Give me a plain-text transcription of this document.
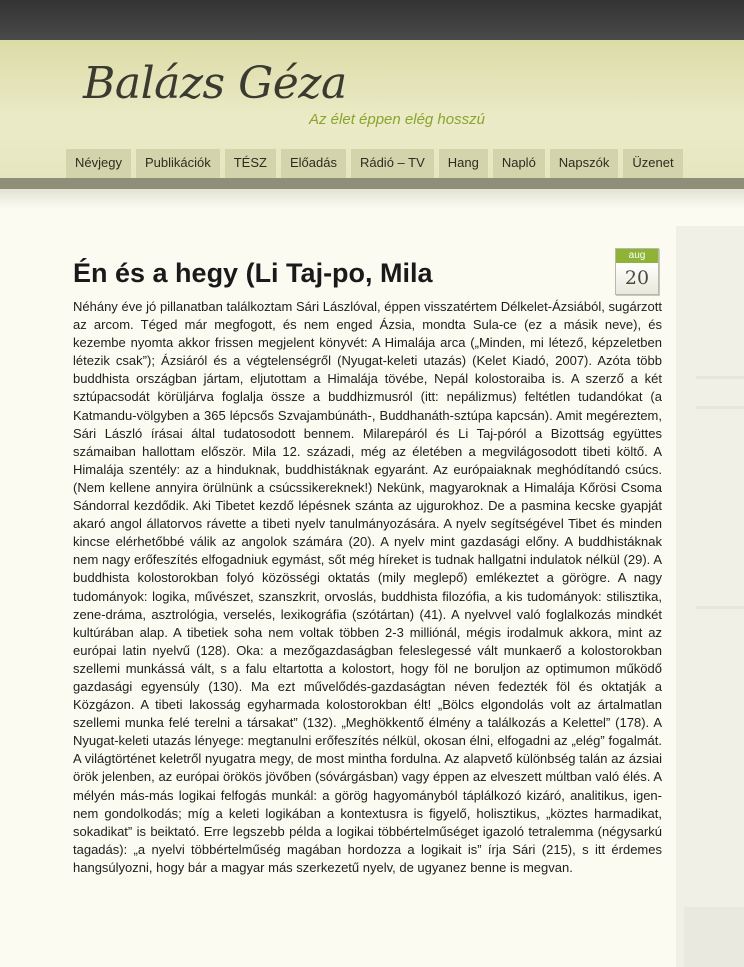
Balázs Géza
Az élet éppen elég hosszú
Névjegy	Publikációk	TÉSZ	Előadás	Rádió – TV	Hang	Napló	Napszók	Üzenet
Én és a hegy (Li Taj-po, Mila
aug
20

Néhány éve jó pillanatban találkoztam Sári Lászlóval, éppen visszatértem Délkelet-Ázsiából, sugárzott az arcom. Téged már megfogott, és nem enged Ázsia, mondta Sula-ce (ez a másik neve), és kezembe nyomta akkor frissen megjelent könyvét: A Himalája arca („Minden, mi létező, képzeletben létezik csak”); Ázsiáról és a végtelenségről (Nyugat-keleti utazás) (Kelet Kiadó, 2007). Azóta több buddhista országban jártam, eljutottam a Himalája tövébe, Nepál kolostoraiba is. A szerző a két sztúpacsodát körüljárva foglalja össze a buddhizmusról (itt: nepálizmus) feltétlen tudandókat (a Katmandu-völgyben a 365 lépcsős Szvajambúnáth-, Buddhanáth-sztúpa kapcsán). Amit megéreztem, Sári László írásai által tudatosodott bennem. Milarepáról és Li Taj-póról a Bizottság együttes számaiban hallottam először. Mila 12. századi, még az életében a megvilágosodott tibeti költő. A Himalája szentély: az a hinduknak, buddhistáknak egyaránt. Az európaiaknak meghódítandó csúcs. (Nem kellene annyira örülnünk a csúcssikereknek!) Nekünk, magyaroknak a Himalája Kőrösi Csoma Sándorral kezdődik. Aki Tibetet kezdő lépésnek szánta az ujgurokhoz. De a pasmina kecske gyapját akaró angol állatorvos rávette a tibeti nyelv tanulmányozására. A nyelv segítségével Tibet és minden kincse elérhetőbbé válik az angolok számára (20). A nyelv mint gazdasági előny. A buddhistáknak nem nagy erőfeszítés elfogadniuk egymást, sőt még híreket is tudnak hallgatni indulatok nélkül (29). A buddhista kolostorokban folyó közösségi oktatás (mily meglepő) emlékeztet a görögre. A nagy tudományok: logika, művészet, szanszkrit, orvoslás, buddhista filozófia, a kis tudományok: stilisztika, zene-dráma, asztrológia, verselés, lexikográfia (szótártan) (41). A nyelvvel való foglalkozás mindkét kultúrában alap. A tibetiek soha nem voltak többen 2-3 milliónál, mégis irodalmuk akkora, mint az európai latin nyelvű (128). Oka: a mezőgazdaságban feleslegessé vált munkaerő a kolostorokban szellemi munkássá vált, s a falu eltartotta a kolostort, hogy föl ne boruljon az optimumon működő gazdasági egyensúly (130). Ma ezt művelődés-gazdaságtan néven fedezték föl és oktatják a Közgázon. A tibeti lakosság egyharmada kolostorokban élt! „Bölcs elgondolás volt az ártalmatlan szellemi munka felé terelni a társakat” (132). „Meghökkentő élmény a találkozás a Kelettel” (178). A Nyugat-keleti utazás lényege: megtanulni erőfeszítés nélkül, okosan élni, elfogadni az „elég” fogalmát. A világtörténet keletről nyugatra megy, de most mintha fordulna. Az alapvető különbség talán az ázsiai örök jelenben, az európai örökös jövőben (sóvárgásban) vagy éppen az elveszett múltban való élés. A mélyén más-más logikai felfogás munkál: a görög hagyományból táplálkozó kizáró, analitikus, igen-nem gondolkodás; míg a keleti logikában a kontextusra is figyelő, holisztikus, „köztes harmadikat, sokadikat” is beiktató. Erre legszebb példa a logikai többértelműséget igazoló tetralemma (négysarkú tagadás): „a nyelvi többértelműség magában hordozza a logikait is” írja Sári (215), s itt érdemes hangsúlyozni, hogy bár a magyar más szerkezetű nyelv, de ugyanez benne is megvan.
